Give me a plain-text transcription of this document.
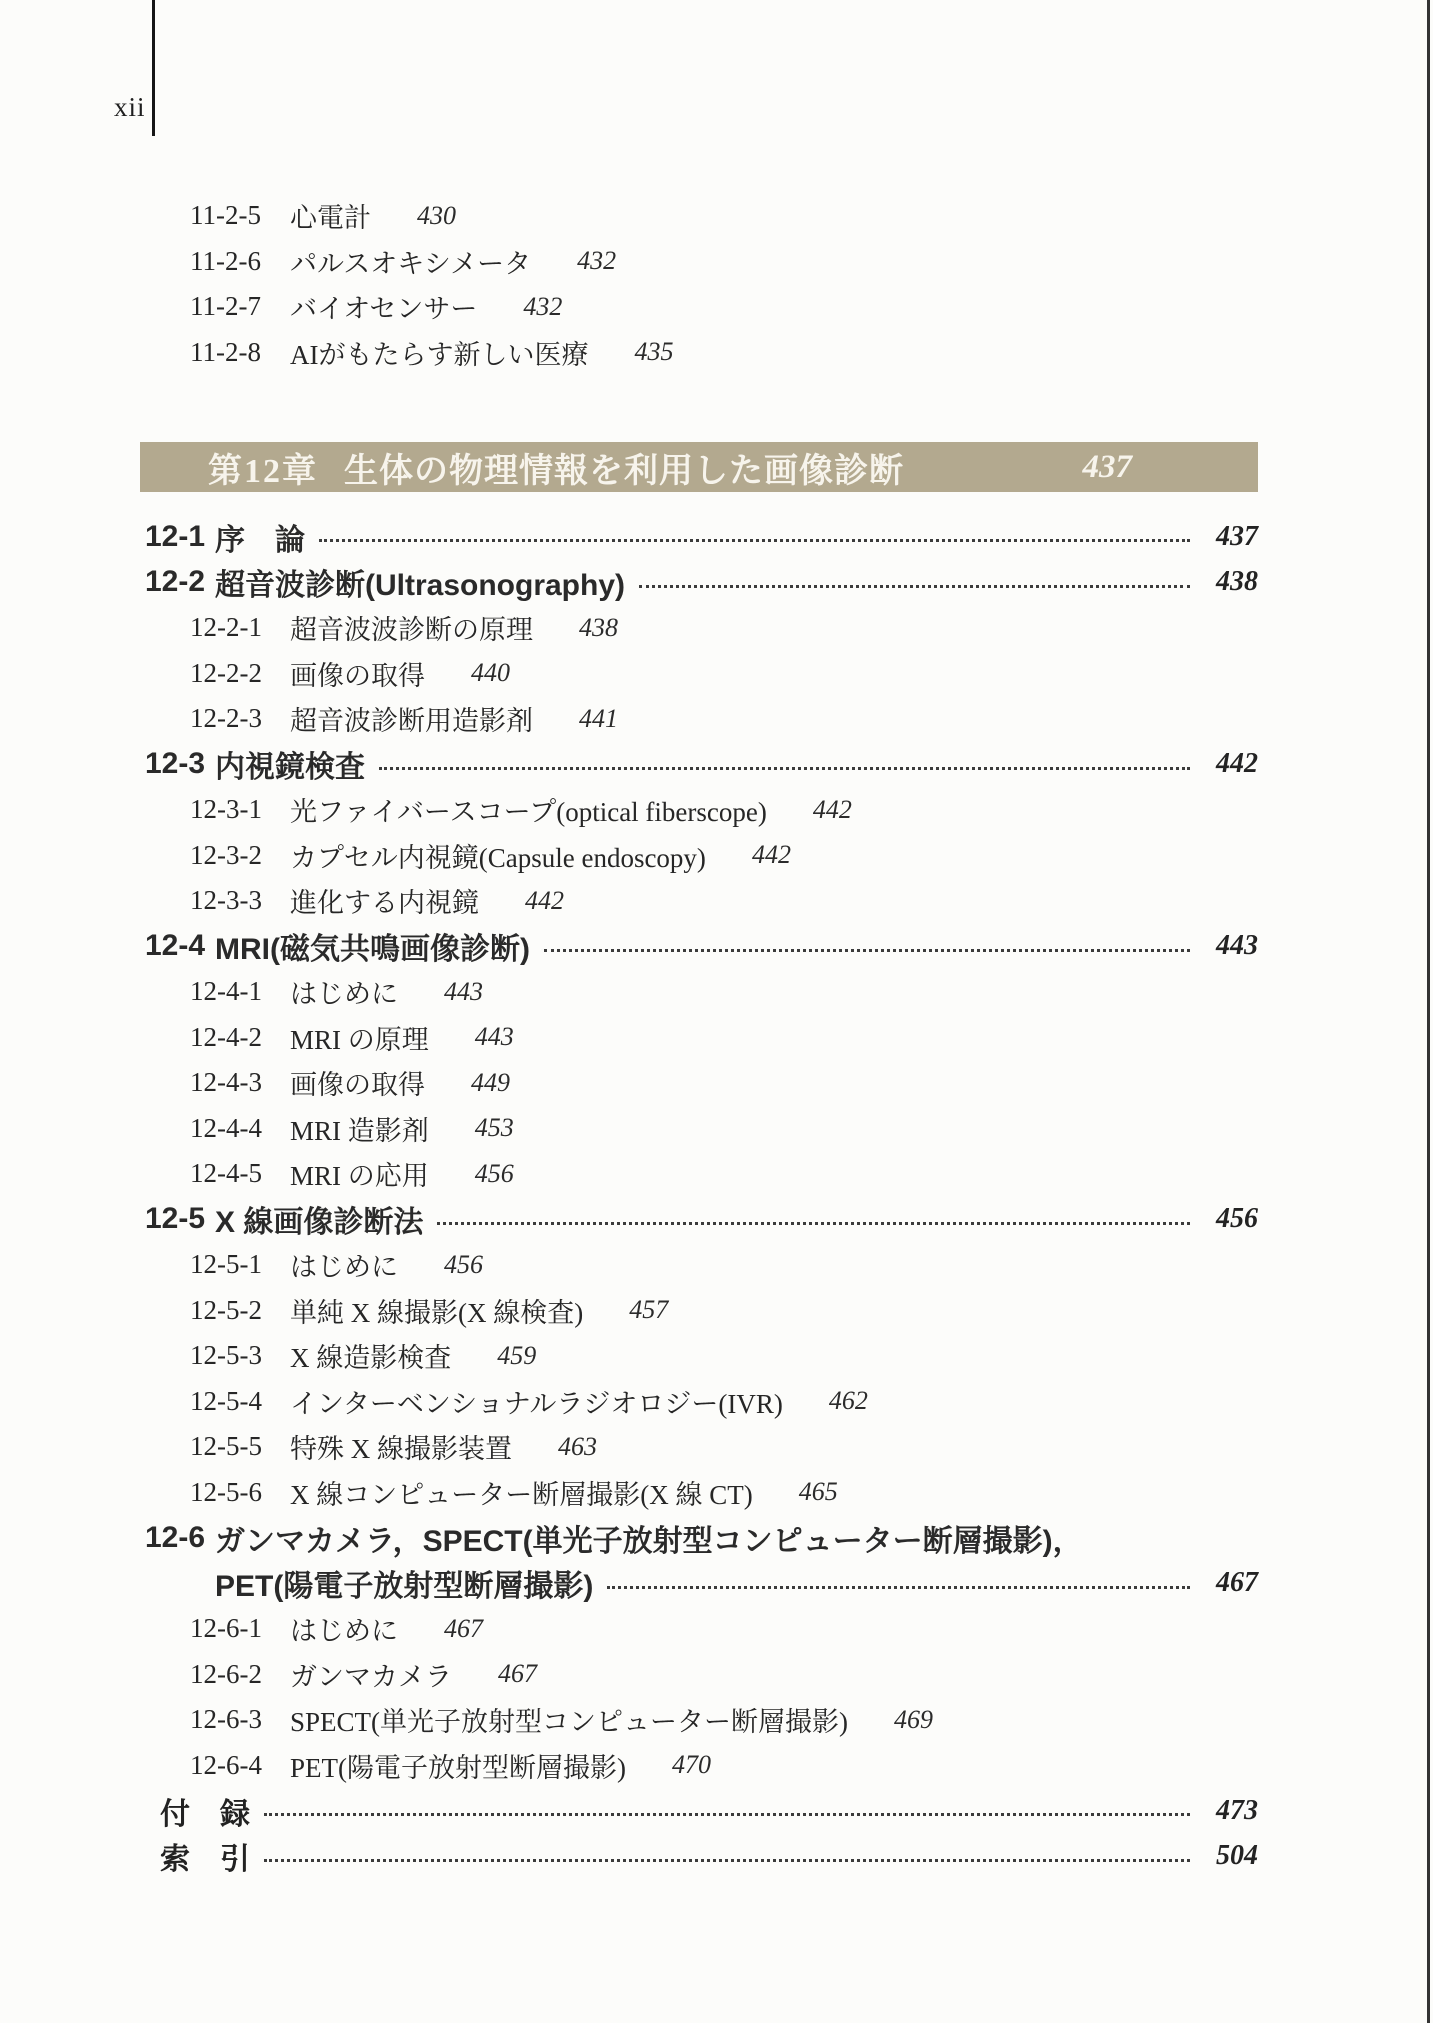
xii
11-2-5	心電計 430
11-2-6	パルスオキシメータ 432
11-2-7	バイオセンサー 432
11-2-8	AIがもたらす新しい医療 435
第12章 生体の物理情報を利用した画像診断	437
12-1 序　論	437
12-2 超音波診断(Ultrasonography)	438
12-2-1	超音波波診断の原理 438
12-2-2	画像の取得 440
12-2-3	超音波診断用造影剤 441
12-3 内視鏡検査	442
12-3-1	光ファイバースコープ(optical fiberscope) 442
12-3-2	カプセル内視鏡(Capsule endoscopy) 442
12-3-3	進化する内視鏡 442
12-4 MRI(磁気共鳴画像診断)	443
12-4-1	はじめに 443
12-4-2	MRI の原理 443
12-4-3	画像の取得 449
12-4-4	MRI 造影剤 453
12-4-5	MRI の応用 456
12-5 X 線画像診断法	456
12-5-1	はじめに 456
12-5-2	単純 X 線撮影(X 線検査) 457
12-5-3	X 線造影検査 459
12-5-4	インターベンショナルラジオロジー(IVR) 462
12-5-5	特殊 X 線撮影装置 463
12-5-6	X 線コンピューター断層撮影(X 線 CT) 465
12-6 ガンマカメラ，SPECT(単光子放射型コンピューター断層撮影)，
PET(陽電子放射型断層撮影)	467
12-6-1	はじめに 467
12-6-2	ガンマカメラ 467
12-6-3	SPECT(単光子放射型コンピューター断層撮影) 469
12-6-4	PET(陽電子放射型断層撮影) 470
付　録	473
索　引	504
